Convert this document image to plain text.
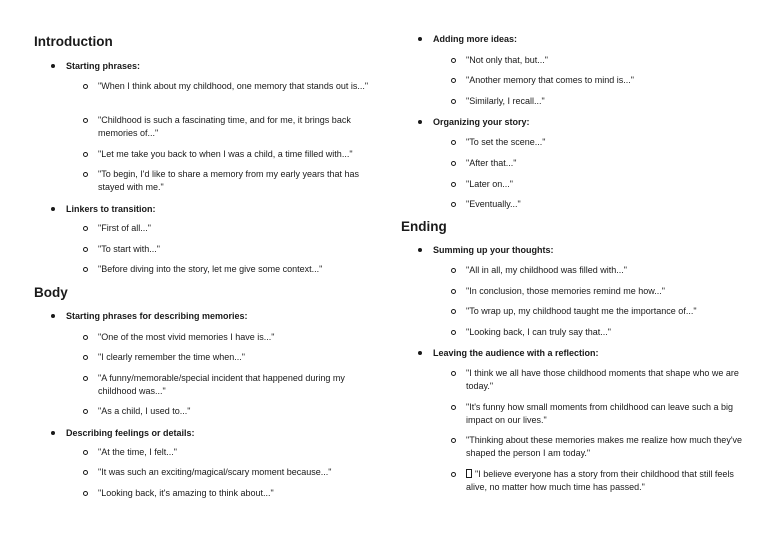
Introduction
Starting phrases:
"When I think about my childhood, one memory that stands out is..."
"Childhood is such a fascinating time, and for me, it brings back memories of..."
"Let me take you back to when I was a child, a time filled with..."
"To begin, I'd like to share a memory from my early years that has stayed with me."
Linkers to transition:
"First of all..."
"To start with..."
"Before diving into the story, let me give some context..."
Body
Starting phrases for describing memories:
"One of the most vivid memories I have is..."
"I clearly remember the time when..."
"A funny/memorable/special incident that happened during my childhood was..."
"As a child, I used to..."
Describing feelings or details:
"At the time, I felt..."
"It was such an exciting/magical/scary moment because..."
"Looking back, it's amazing to think about..."
Adding more ideas:
"Not only that, but..."
"Another memory that comes to mind is..."
"Similarly, I recall..."
Organizing your story:
"To set the scene..."
"After that..."
"Later on..."
"Eventually..."
Ending
Summing up your thoughts:
"All in all, my childhood was filled with..."
"In conclusion, those memories remind me how..."
"To wrap up, my childhood taught me the importance of..."
"Looking back, I can truly say that..."
Leaving the audience with a reflection:
"I think we all have those childhood moments that shape who we are today."
"It's funny how small moments from childhood can leave such a big impact on our lives."
"Thinking about these memories makes me realize how much they've shaped the person I am today."
"I believe everyone has a story from their childhood that still feels alive, no matter how much time has passed."
